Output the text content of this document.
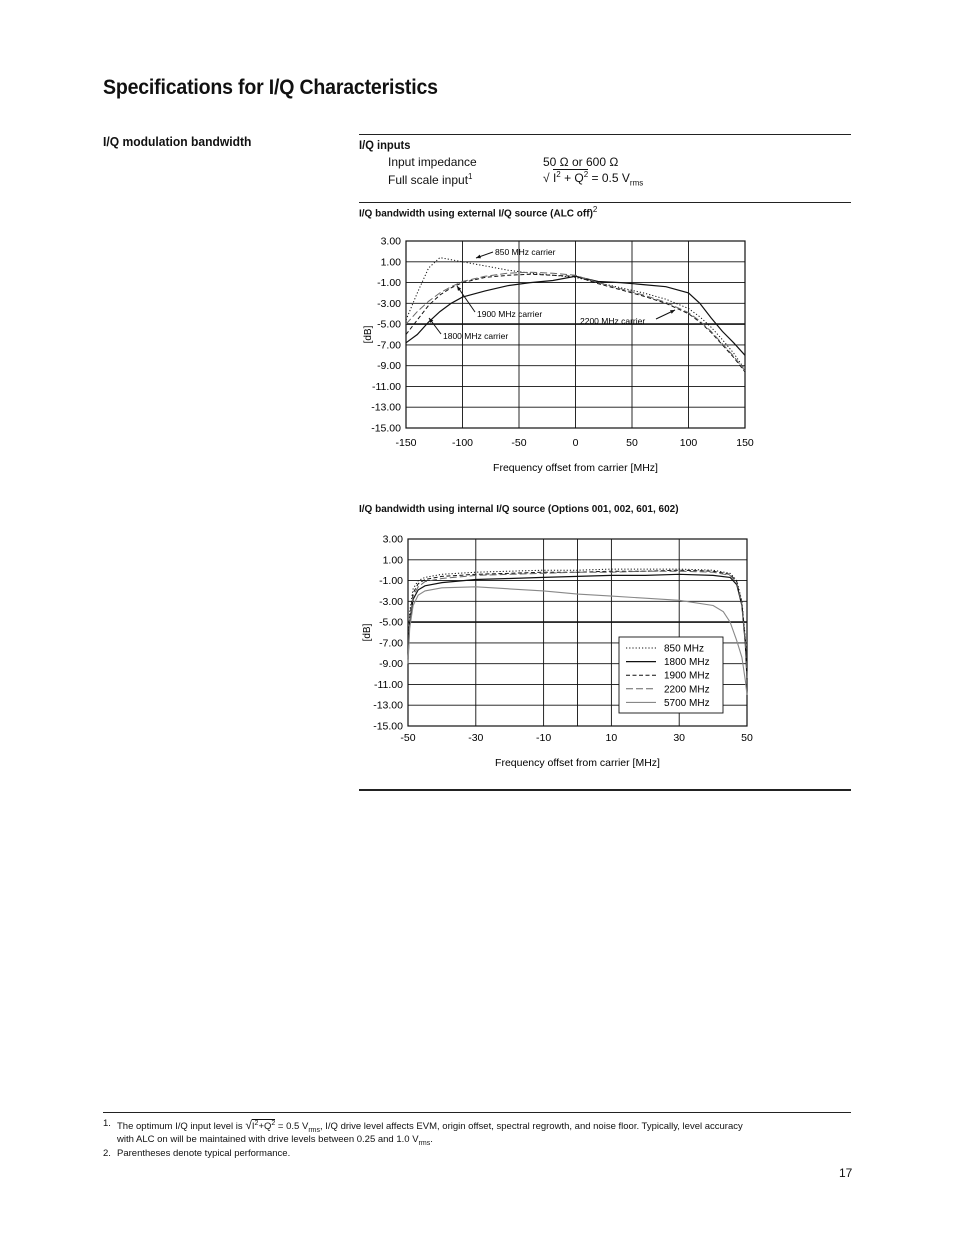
Specifications for I/Q Characteristics
I/Q modulation bandwidth	I/Q inputs
Input impedance	50 Ω or 600 Ω
Full scale input$^1$	√ $I^2 + Q^2 = 0.5$ $V_{rms}$
I/Q bandwidth using external I/Q source (ALC off)$^2$
3.00
1.00
-1.00
-3.00
-5.00
-7.00
-9.00
-11.00
-13.00
-15.00
-150	-100	-50	0	50	100	150
Frequency offset from carrier [MHz]
[dB]
850 MHz carrier
1900 MHz carrier
1800 MHz carrier
2200 MHz carrier
I/Q bandwidth using internal I/Q source (Options 001, 002, 601, 602)
3.00
1.00
-1.00
-3.00
-5.00
-7.00
-9.00
-11.00
-13.00
-15.00
-50	-30	-10	10	30	50
Frequency offset from carrier [MHz]
[dB]
850 MHz
1800 MHz
1900 MHz
2200 MHz
5700 MHz
1. The optimum I/Q input level is $√I^2+Q^2 = 0.5$ $V_{rms}$, I/Q drive level affects EVM, origin offset, spectral regrowth, and noise floor. Typically, level accuracy
with ALC on will be maintained with drive levels between 0.25 and 1.0 $V_{rms}$.
2. Parentheses denote typical performance.
17
